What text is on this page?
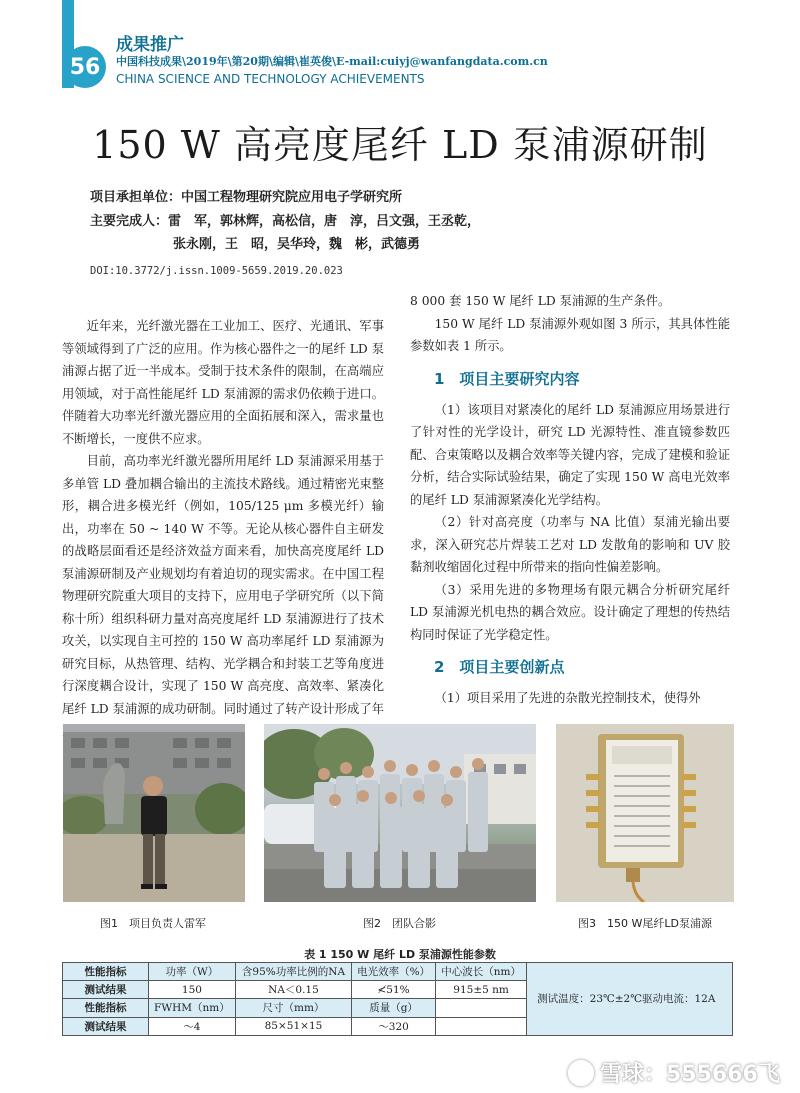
56
成果推广
中国科技成果\2019年\第20期\编辑\崔英俊\E-mail:cuiyj@wanfangdata.com.cn
CHINA SCIENCE AND TECHNOLOGY ACHIEVEMENTS
150 W 高亮度尾纤 LD 泵浦源研制
项目承担单位：中国工程物理研究院应用电子学研究所
主要完成人：雷　军，郭林辉，高松信，唐　淳，吕文强，王丞乾，
张永刚，王　昭，吴华玲，魏　彬，武德勇
DOI:10.3772/j.issn.1009-5659.2019.20.023

近年来，光纤激光器在工业加工、医疗、光通讯、军事等领域得到了广泛的应用。作为核心器件之一的尾纤 LD 泵浦源占据了近一半成本。受制于技术条件的限制，在高端应用领域，对于高性能尾纤 LD 泵浦源的需求仍依赖于进口。伴随着大功率光纤激光器应用的全面拓展和深入，需求量也不断增长，一度供不应求。

目前，高功率光纤激光器所用尾纤 LD 泵浦源采用基于多单管 LD 叠加耦合输出的主流技术路线。通过精密光束整形，耦合进多模光纤（例如，105/125 μm 多模光纤）输出，功率在 50 ~ 140 W 不等。无论从核心器件自主研发的战略层面看还是经济效益方面来看，加快高亮度尾纤 LD 泵浦源研制及产业规划均有着迫切的现实需求。在中国工程物理研究院重大项目的支持下，应用电子学研究所（以下简称十所）组织科研力量对高亮度尾纤 LD 泵浦源进行了技术攻关，以实现自主可控的 150 W 高功率尾纤 LD 泵浦源为研究目标，从热管理、结构、光学耦合和封装工艺等角度进行深度耦合设计，实现了 150 W 高亮度、高效率、紧凑化尾纤 LD 泵浦源的成功研制。同时通过了转产设计形成了年

8 000 套 150 W 尾纤 LD 泵浦源的生产条件。

150 W 尾纤 LD 泵浦源外观如图 3 所示，其具体性能参数如表 1 所示。

1　项目主要研究内容

（1）该项目对紧凑化的尾纤 LD 泵浦源应用场景进行了针对性的光学设计，研究 LD 光源特性、准直镜参数匹配、合束策略以及耦合效率等关键内容，完成了建模和验证分析，结合实际试验结果，确定了实现 150 W 高电光效率的尾纤 LD 泵浦源紧凑化光学结构。

（2）针对高亮度（功率与 NA 比值）泵浦光输出要求，深入研究芯片焊装工艺对 LD 发散角的影响和 UV 胶黏剂收缩固化过程中所带来的指向性偏差影响。

（3）采用先进的多物理场有限元耦合分析研究尾纤 LD 泵浦源光机电热的耦合效应。设计确定了理想的传热结构同时保证了光学稳定性。

2　项目主要创新点

（1）项目采用了先进的杂散光控制技术，使得外

图1　项目负责人雷军	图2　团队合影	图3　150 W尾纤LD泵浦源
表 1 150 W 尾纤 LD 泵浦源性能参数
性能指标	功率（W）	含95%功率比例的NA	电光效率（%）	中心波长（nm）	测试温度：23℃±2℃驱动电流：12A
测试结果	150	NA＜0.15	≮51%	915±5 nm	
性能指标	FWHM（nm）	尺寸（mm）	质量（g）		
测试结果	～4	85×51×15	～320		
雪球：555666飞
